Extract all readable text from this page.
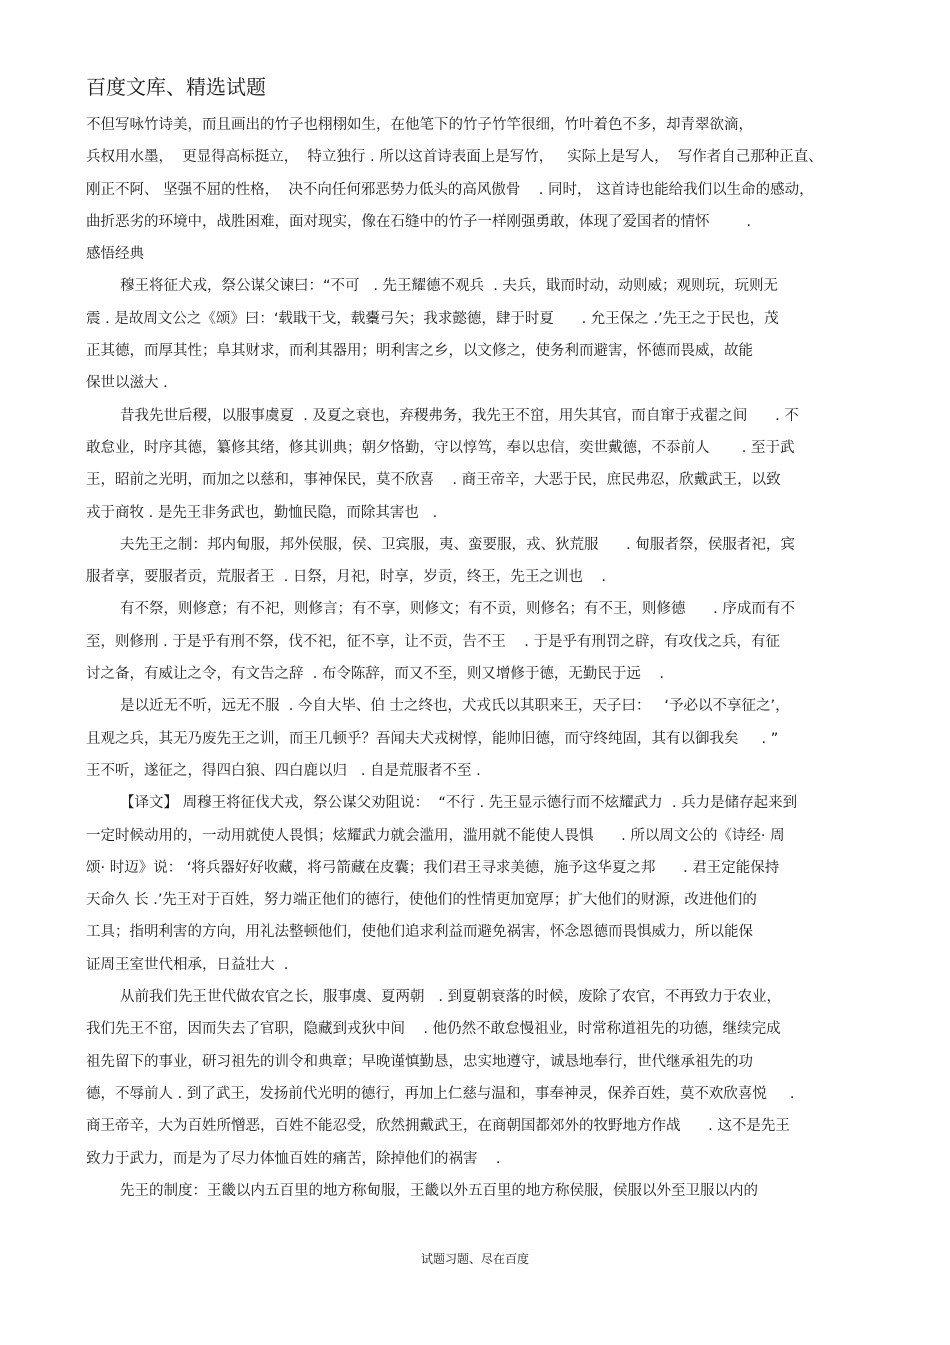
百度文库、精选试题
不但写咏竹诗美，而且画出的竹子也栩栩如生，在他笔下的竹子竹竿很细，竹叶着色不多，却青翠欲滴，
兵权用水墨，  更显得高标挺立，  特立独行 . 所以这首诗表面上是写竹，   实际上是写人，  写作者自己那种正直、
刚正不阿、 坚强不屈的性格，  决不向任何邪恶势力低头的高风傲骨    . 同时， 这首诗也能给我们以生命的感动，
曲折恶劣的环境中，战胜困难，面对现实，像在石缝中的竹子一样刚强勇敢，体现了爱国者的情怀        .
感悟经典
穆王将征犬戎，祭公谋父谏曰：“不可   . 先王耀德不观兵  . 夫兵，戢而时动，动则威；观则玩，玩则无
震 . 是故周文公之《颂》曰：‘载戢干戈，载櫜弓矢；我求懿德，肆于时夏      . 允王保之 .’先王之于民也，茂
正其德，而厚其性；阜其财求，而利其器用；明利害之乡，以文修之，使务利而避害，怀德而畏威，故能
保世以滋大 .
昔我先世后稷，以服事虞夏  . 及夏之衰也，弃稷弗务，我先王不窋，用失其官，而自窜于戎翟之间      . 不
敢怠业，时序其德，纂修其绪，修其训典；朝夕恪勤，守以惇笃，奉以忠信，奕世戴德，不忝前人       . 至于武
王，昭前之光明，而加之以慈和，事神保民，莫不欣喜    . 商王帝辛，大恶于民，庶民弗忍，欣戴武王，以致
戎于商牧 . 是先王非务武也，勤恤民隐，而除其害也   .
夫先王之制：邦内甸服，邦外侯服，侯、卫宾服，夷、蛮要服，戎、狄荒服      . 甸服者祭，侯服者祀，宾
服者享，要服者贡，荒服者王  . 日祭，月祀，时享，岁贡，终王，先王之训也    .
有不祭，则修意；有不祀，则修言；有不享，则修文；有不贡，则修名；有不王，则修德      . 序成而有不
至，则修刑 . 于是乎有刑不祭，伐不祀，征不享，让不贡，告不王    . 于是乎有刑罚之辟，有攻伐之兵，有征
讨之备，有威让之令，有文告之辞  . 布令陈辞，而又不至，则又增修于德，无勤民于远    .
是以近无不听，远无不服  . 今自大毕、伯 士之终也，犬戎氏以其职来王，天子曰：   ‘予必以不享征之’，
且观之兵，其无乃废先王之训，而王几顿乎？吾闻夫犬戎树惇，能帅旧德，而守终纯固，其有以御我矣     . ”
王不听，遂征之，得四白狼、四白鹿以归   . 自是荒服者不至 .
【译文】 周穆王将征伐犬戎，祭公谋父劝阻说：  “不行 . 先王显示德行而不炫耀武力  . 兵力是储存起来到
一定时候动用的，一动用就使人畏惧；炫耀武力就会滥用，滥用就不能使人畏惧      . 所以周文公的《诗经· 周
颂· 时迈》说： ‘将兵器好好收藏，将弓箭藏在皮囊；我们君王寻求美德，施予这华夏之邦      . 君王定能保持
天命久 长 .’先王对于百姓，努力端正他们的德行，使他们的性情更加宽厚；扩大他们的财源，改进他们的
工具；指明利害的方向，用礼法整顿他们，使他们追求利益而避免祸害，怀念恩德而畏惧威力，所以能保
证周王室世代相承，日益壮大  .
从前我们先王世代做农官之长，服事虞、夏两朝   . 到夏朝衰落的时候，废除了农官，不再致力于农业，
我们先王不窋，因而失去了官职，隐藏到戎狄中间    . 他仍然不敢怠慢祖业，时常称道祖先的功德，继续完成
祖先留下的事业，研习祖先的训令和典章；早晚谨慎勤恳，忠实地遵守，诚恳地奉行，世代继承祖先的功
德，不辱前人 . 到了武王，发扬前代光明的德行，再加上仁慈与温和，事奉神灵，保养百姓，莫不欢欣喜悦     .
商王帝辛，大为百姓所憎恶，百姓不能忍受，欣然拥戴武王，在商朝国都郊外的牧野地方作战      . 这不是先王
致力于武力，而是为了尽力体恤百姓的痛苦，除掉他们的祸害    .
先王的制度：王畿以内五百里的地方称甸服，王畿以外五百里的地方称侯服，侯服以外至卫服以内的
试题习题、尽在百度
